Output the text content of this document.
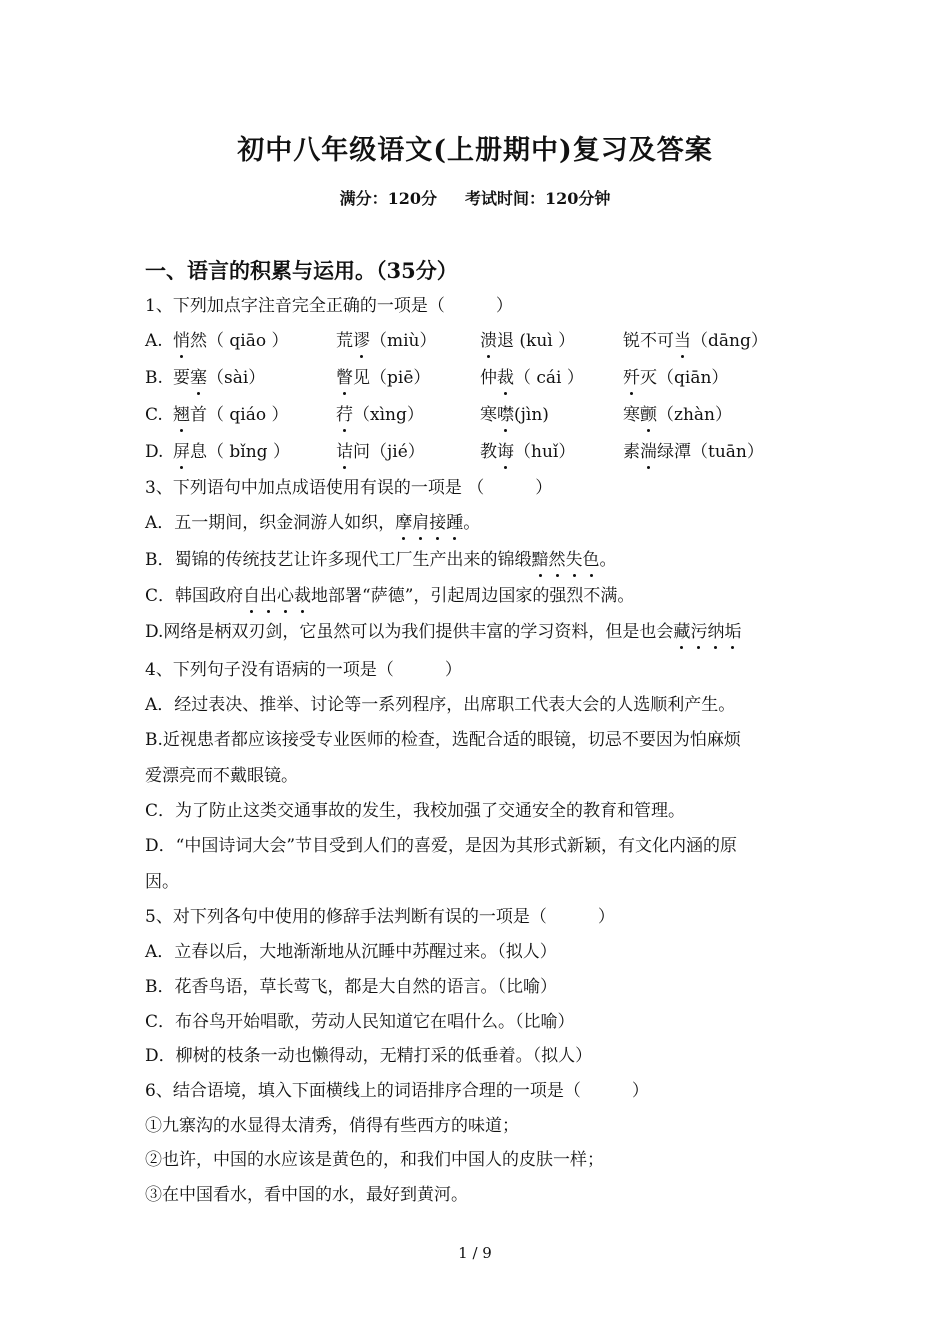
初中八年级语文(上册期中)复习及答案
满分：120分 考试时间：120分钟
一、语言的积累与运用。（35分）
1、下列加点字注音完全正确的一项是（　　　）
A. 悄然（ qiāo ）	荒谬（miù）	溃退 (kuì ）	锐不可当（dāng）
B. 要塞（sài）	瞥见（piē）	仲裁（ cái ） 歼灭（qiān）
C. 翘首（ qiáo ）	荇（xìng）	寒噤(jìn)	寒颤（zhàn）
D. 屏息（ bǐng ）	诘问（jié）	教诲（huǐ）	素湍绿潭（tuān）
3、下列语句中加点成语使用有误的一项是 （　　　）
A．五一期间，织金洞游人如织，摩肩接踵。
B．蜀锦的传统技艺让许多现代工厂生产出来的锦缎黯然失色。
C．韩国政府自出心裁地部署“萨德”，引起周边国家的强烈不满。
D.网络是柄双刃剑，它虽然可以为我们提供丰富的学习资料，但是也会藏污纳垢
4、下列句子没有语病的一项是（　　　）
A．经过表决、推举、讨论等一系列程序，出席职工代表大会的人选顺利产生。
B.近视患者都应该接受专业医师的检查，选配合适的眼镜，切忌不要因为怕麻烦
爱漂亮而不戴眼镜。
C．为了防止这类交通事故的发生，我校加强了交通安全的教育和管理。
D．“中国诗词大会”节目受到人们的喜爱，是因为其形式新颖，有文化内涵的原
因。
5、对下列各句中使用的修辞手法判断有误的一项是（　　　）
A．立春以后，大地渐渐地从沉睡中苏醒过来。（拟人）
B．花香鸟语，草长莺飞，都是大自然的语言。（比喻）
C．布谷鸟开始唱歌，劳动人民知道它在唱什么。（比喻）
D．柳树的枝条一动也懒得动，无精打采的低垂着。（拟人）
6、结合语境，填入下面横线上的词语排序合理的一项是（　　　）
①九寨沟的水显得太清秀，俏得有些西方的味道；
②也许，中国的水应该是黄色的，和我们中国人的皮肤一样；
③在中国看水，看中国的水，最好到黄河。
1 / 9
